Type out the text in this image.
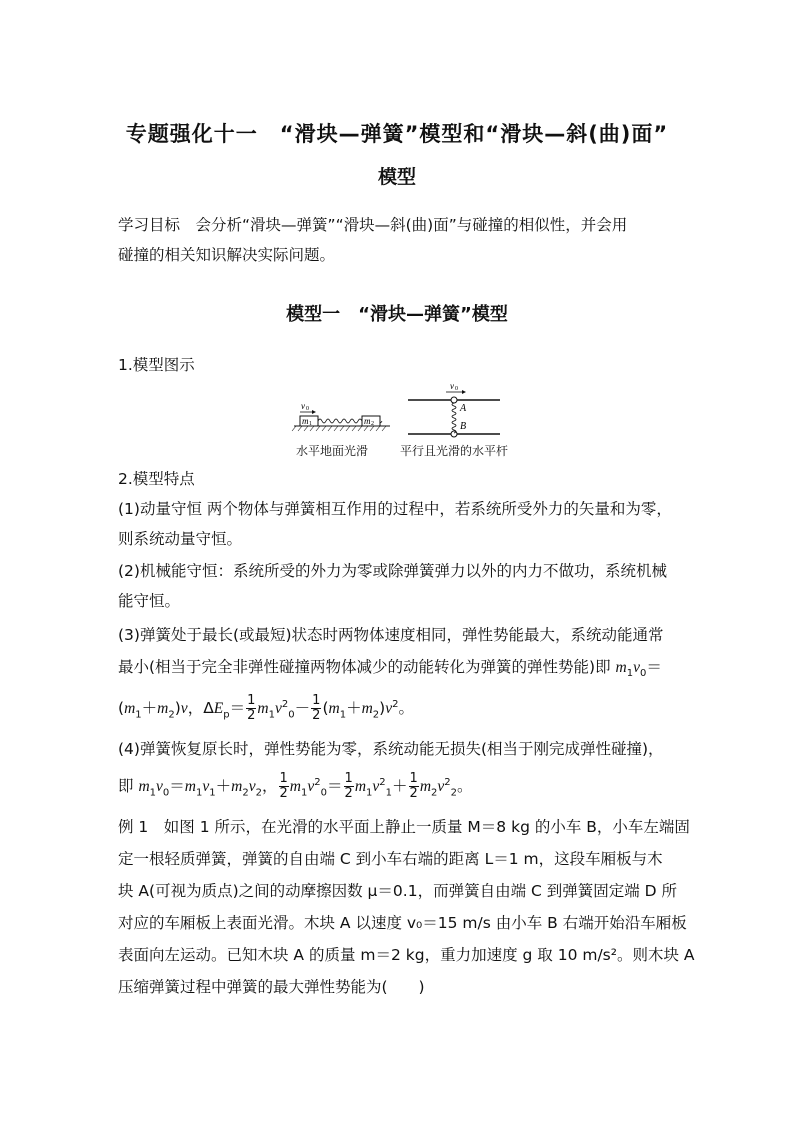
专题强化十一　“滑块—弹簧”模型和“滑块—斜(曲)面”
模型
学习目标　 会分析“滑块—弹簧”“滑块—斜(曲)面”与碰撞的相似性，并会用
碰撞的相关知识解决实际问题。
模型一　“滑块—弹簧”模型
1.模型图示
v 0
m 1	m 2
v 0
A
B
水平地面光滑	平行且光滑的水平杆
2.模型特点
(1)动量守恒 两个物体与弹簧相互作用的过程中，若系统所受外力的矢量和为零，
则系统动量守恒。
(2)机械能守恒：系统所受的外力为零或除弹簧弹力以外的内力不做功，系统机械
能守恒。
(3)弹簧处于最长(或最短)状态时两物体速度相同，弹性势能最大，系统动能通常
最小(相当于完全非弹性碰撞两物体减少的动能转化为弹簧的弹性势能)即 $m_1v_0=$
$(m_1+m_2)v$，$\Delta E_p= \frac{1}{2} m_1v^2_0- \frac{1}{2} (m_1+m_2)v^2$。
(4)弹簧恢复原长时，弹性势能为零，系统动能无损失(相当于刚完成弹性碰撞)，
即 $m_1v_0=m_1v_1+m_2v_2$， $\frac{1}{2} m_1v^2_0= \frac{1}{2} m_1v^2_1+ \frac{1}{2} m_2v^2_2$。
例 1　如图 1 所示，在光滑的水平面上静止一质量 M＝8 kg 的小车 B，小车左端固
定一根轻质弹簧，弹簧的自由端 C 到小车右端的距离 L＝1 m，这段车厢板与木
块 A(可视为质点)之间的动摩擦因数 μ＝0.1，而弹簧自由端 C 到弹簧固定端 D 所
对应的车厢板上表面光滑。木块 A 以速度 v₀＝15 m/s 由小车 B 右端开始沿车厢板
表面向左运动。已知木块 A 的质量 m＝2 kg，重力加速度 g 取 10 m/s²。则木块 A
压缩弹簧过程中弹簧的最大弹性势能为(　　)
